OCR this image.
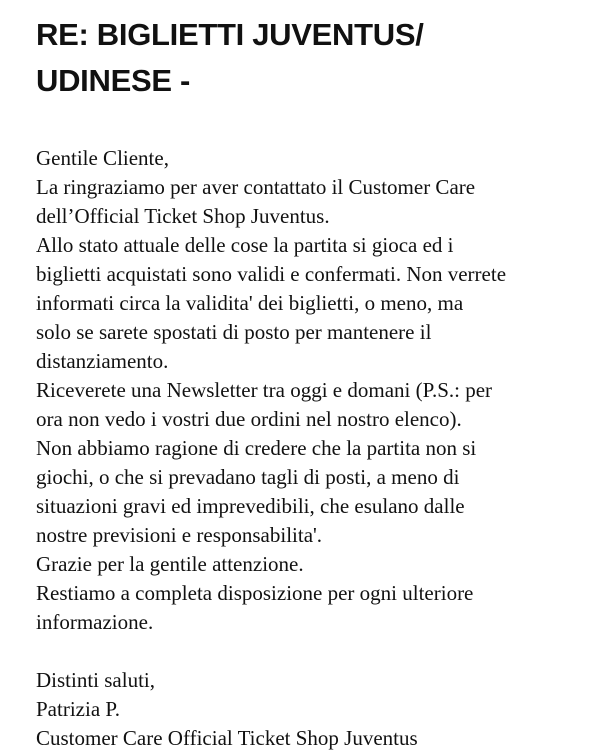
RE: BIGLIETTI JUVENTUS/
UDINESE -
Gentile Cliente,
La ringraziamo per aver contattato il Customer Care
dell’Official Ticket Shop Juventus.
Allo stato attuale delle cose la partita si gioca ed i
biglietti acquistati sono validi e confermati. Non verrete
informati circa la validita' dei biglietti, o meno, ma
solo se sarete spostati di posto per mantenere il
distanziamento.
Riceverete una Newsletter tra oggi e domani (P.S.: per
ora non vedo i vostri due ordini nel nostro elenco).
Non abbiamo ragione di credere che la partita non si
giochi, o che si prevadano tagli di posti, a meno di
situazioni gravi ed imprevedibili, che esulano dalle
nostre previsioni e responsabilita'.
Grazie per la gentile attenzione.
Restiamo a completa disposizione per ogni ulteriore
informazione.
Distinti saluti,
Patrizia P.
Customer Care Official Ticket Shop Juventus
